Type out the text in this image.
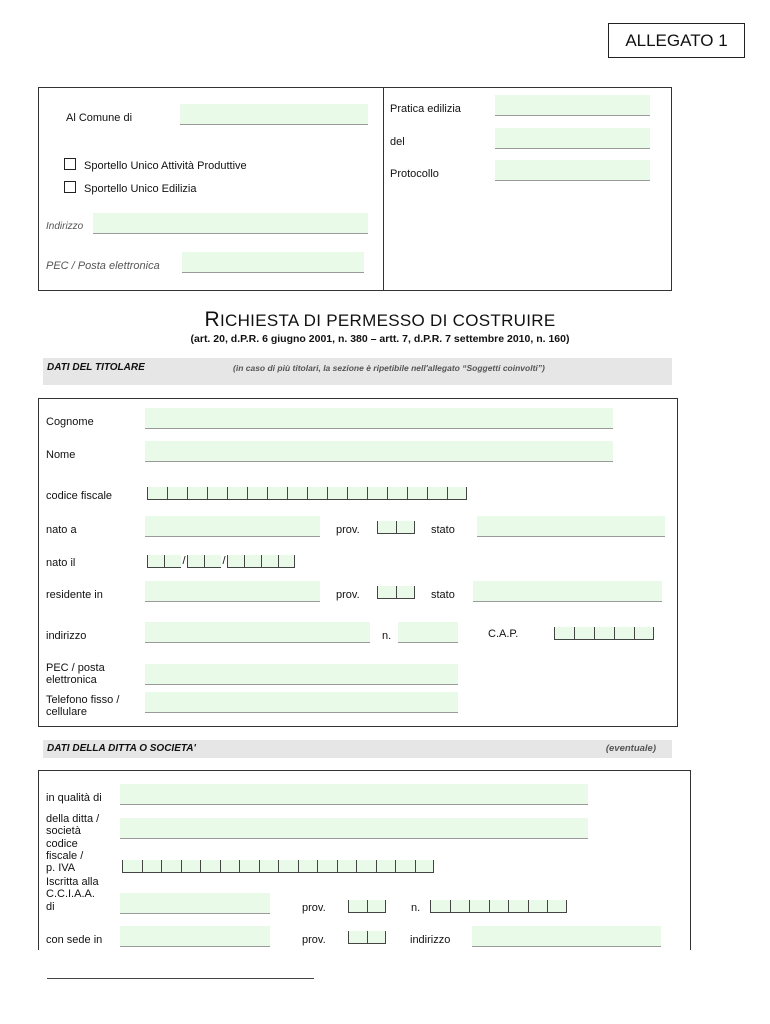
ALLEGATO 1
Al Comune di
Sportello Unico Attività Produttive
Sportello Unico Edilizia
Indirizzo
PEC / Posta elettronica
Pratica edilizia
del
Protocollo
RICHIESTA DI PERMESSO DI COSTRUIRE
(art. 20, d.P.R. 6 giugno 2001, n. 380 – artt. 7, d.P.R. 7 settembre 2010, n. 160)
DATI DEL TITOLARE	(in caso di più titolari, la sezione è ripetibile nell'allegato “Soggetti coinvolti”)
Cognome
Nome
codice fiscale
nato a	prov.	stato
nato il	/	/
residente in	prov.	stato
indirizzo	n.	C.A.P.
PEC / posta
elettronica
Telefono fisso /
cellulare
DATI DELLA DITTA O SOCIETA'	(eventuale)
in qualità di
della ditta /
società
codice
fiscale /
p. IVA
Iscritta alla
C.C.I.A.A.
di	prov.	n.
con sede in	prov.	indirizzo
